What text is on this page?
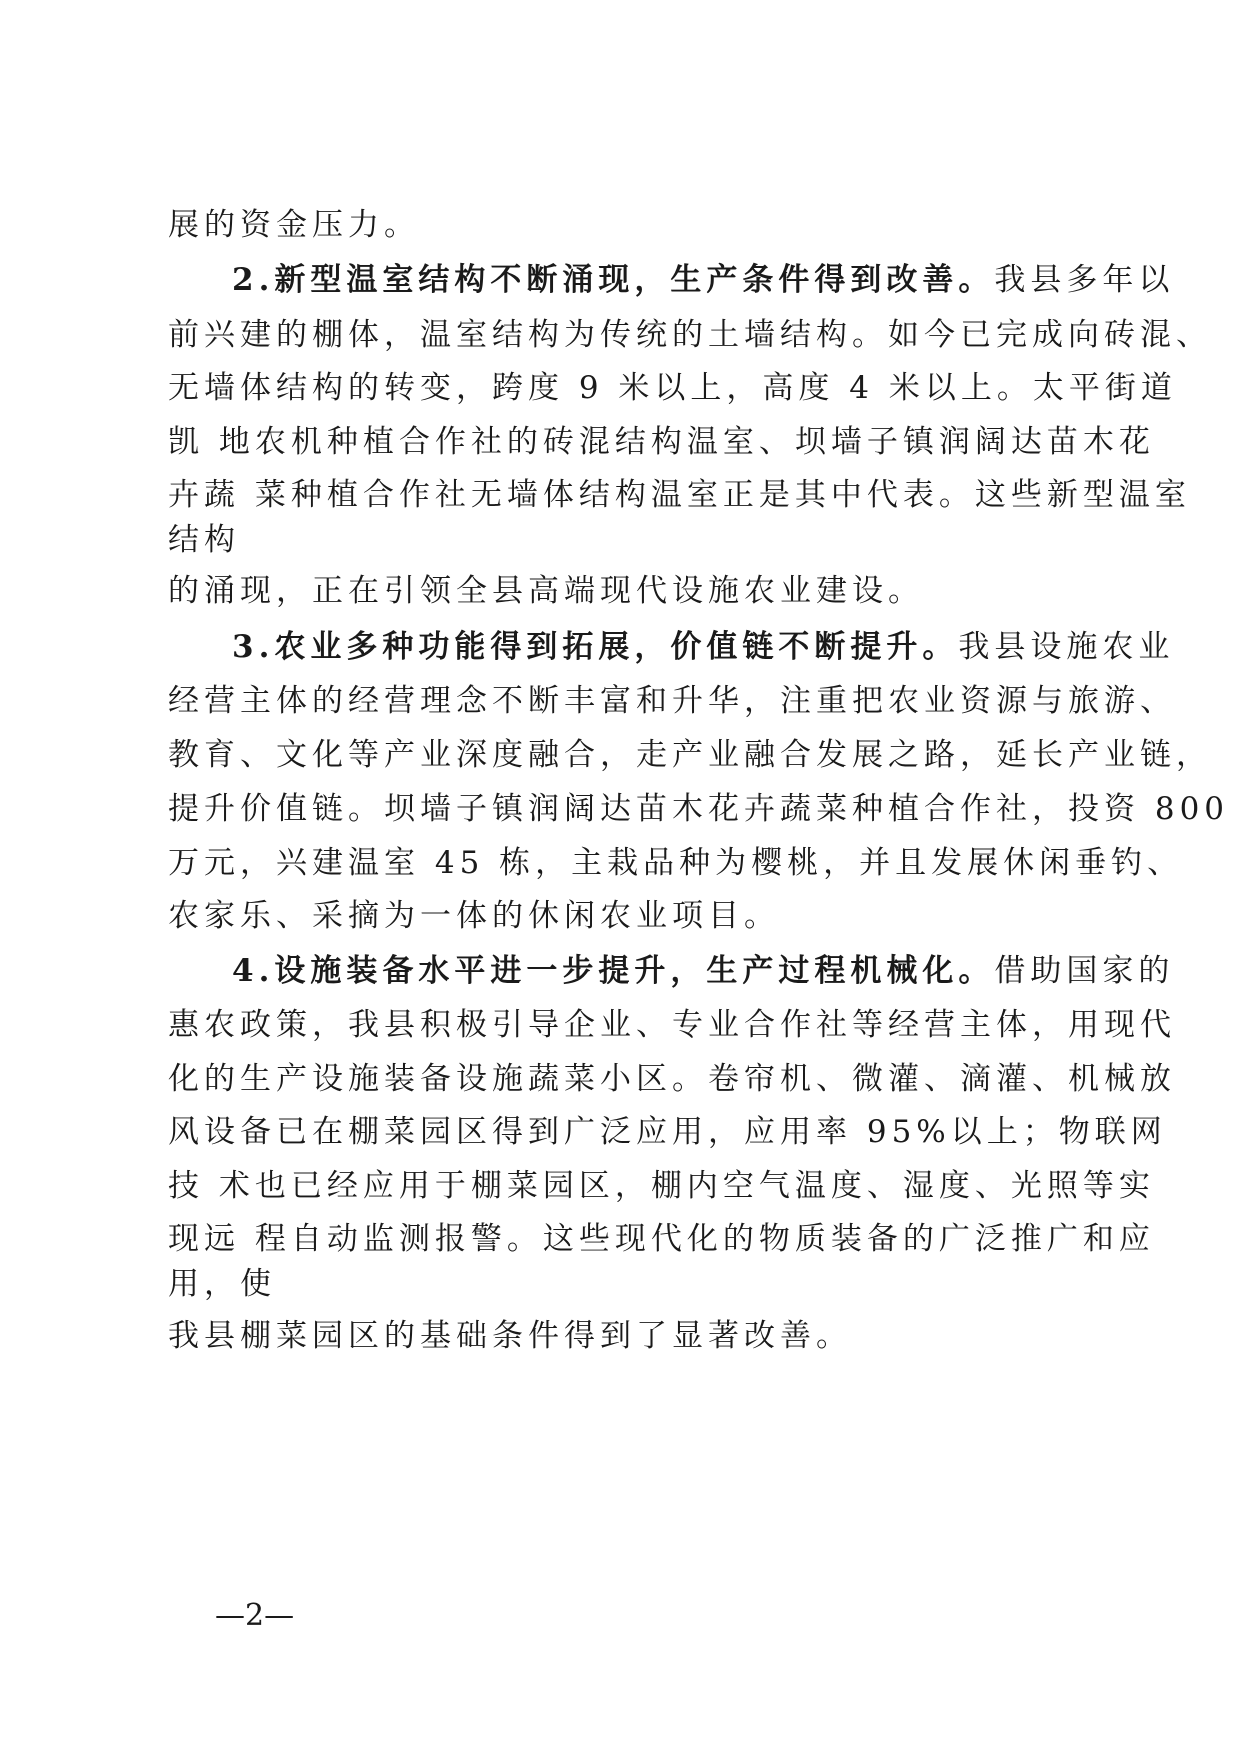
展的资金压力。
2.新型温室结构不断涌现，生产条件得到改善。我县多年以
前兴建的棚体，温室结构为传统的土墙结构。如今已完成向砖混、
无墙体结构的转变，跨度 9 米以上，高度 4 米以上。太平街道
凯 地农机种植合作社的砖混结构温室、坝墙子镇润阔达苗木花
卉蔬 菜种植合作社无墙体结构温室正是其中代表。这些新型温室
结构
的涌现，正在引领全县高端现代设施农业建设。
3.农业多种功能得到拓展，价值链不断提升。我县设施农业
经营主体的经营理念不断丰富和升华，注重把农业资源与旅游、
教育、文化等产业深度融合，走产业融合发展之路，延长产业链，
提升价值链。坝墙子镇润阔达苗木花卉蔬菜种植合作社，投资 800
万元，兴建温室 45 栋，主栽品种为樱桃，并且发展休闲垂钓、
农家乐、采摘为一体的休闲农业项目。
4.设施装备水平进一步提升，生产过程机械化。借助国家的
惠农政策，我县积极引导企业、专业合作社等经营主体，用现代
化的生产设施装备设施蔬菜小区。卷帘机、微灌、滴灌、机械放
风设备已在棚菜园区得到广泛应用，应用率 95%以上；物联网
技 术也已经应用于棚菜园区，棚内空气温度、湿度、光照等实
现远 程自动监测报警。这些现代化的物质装备的广泛推广和应
用，使
我县棚菜园区的基础条件得到了显著改善。
—2—
